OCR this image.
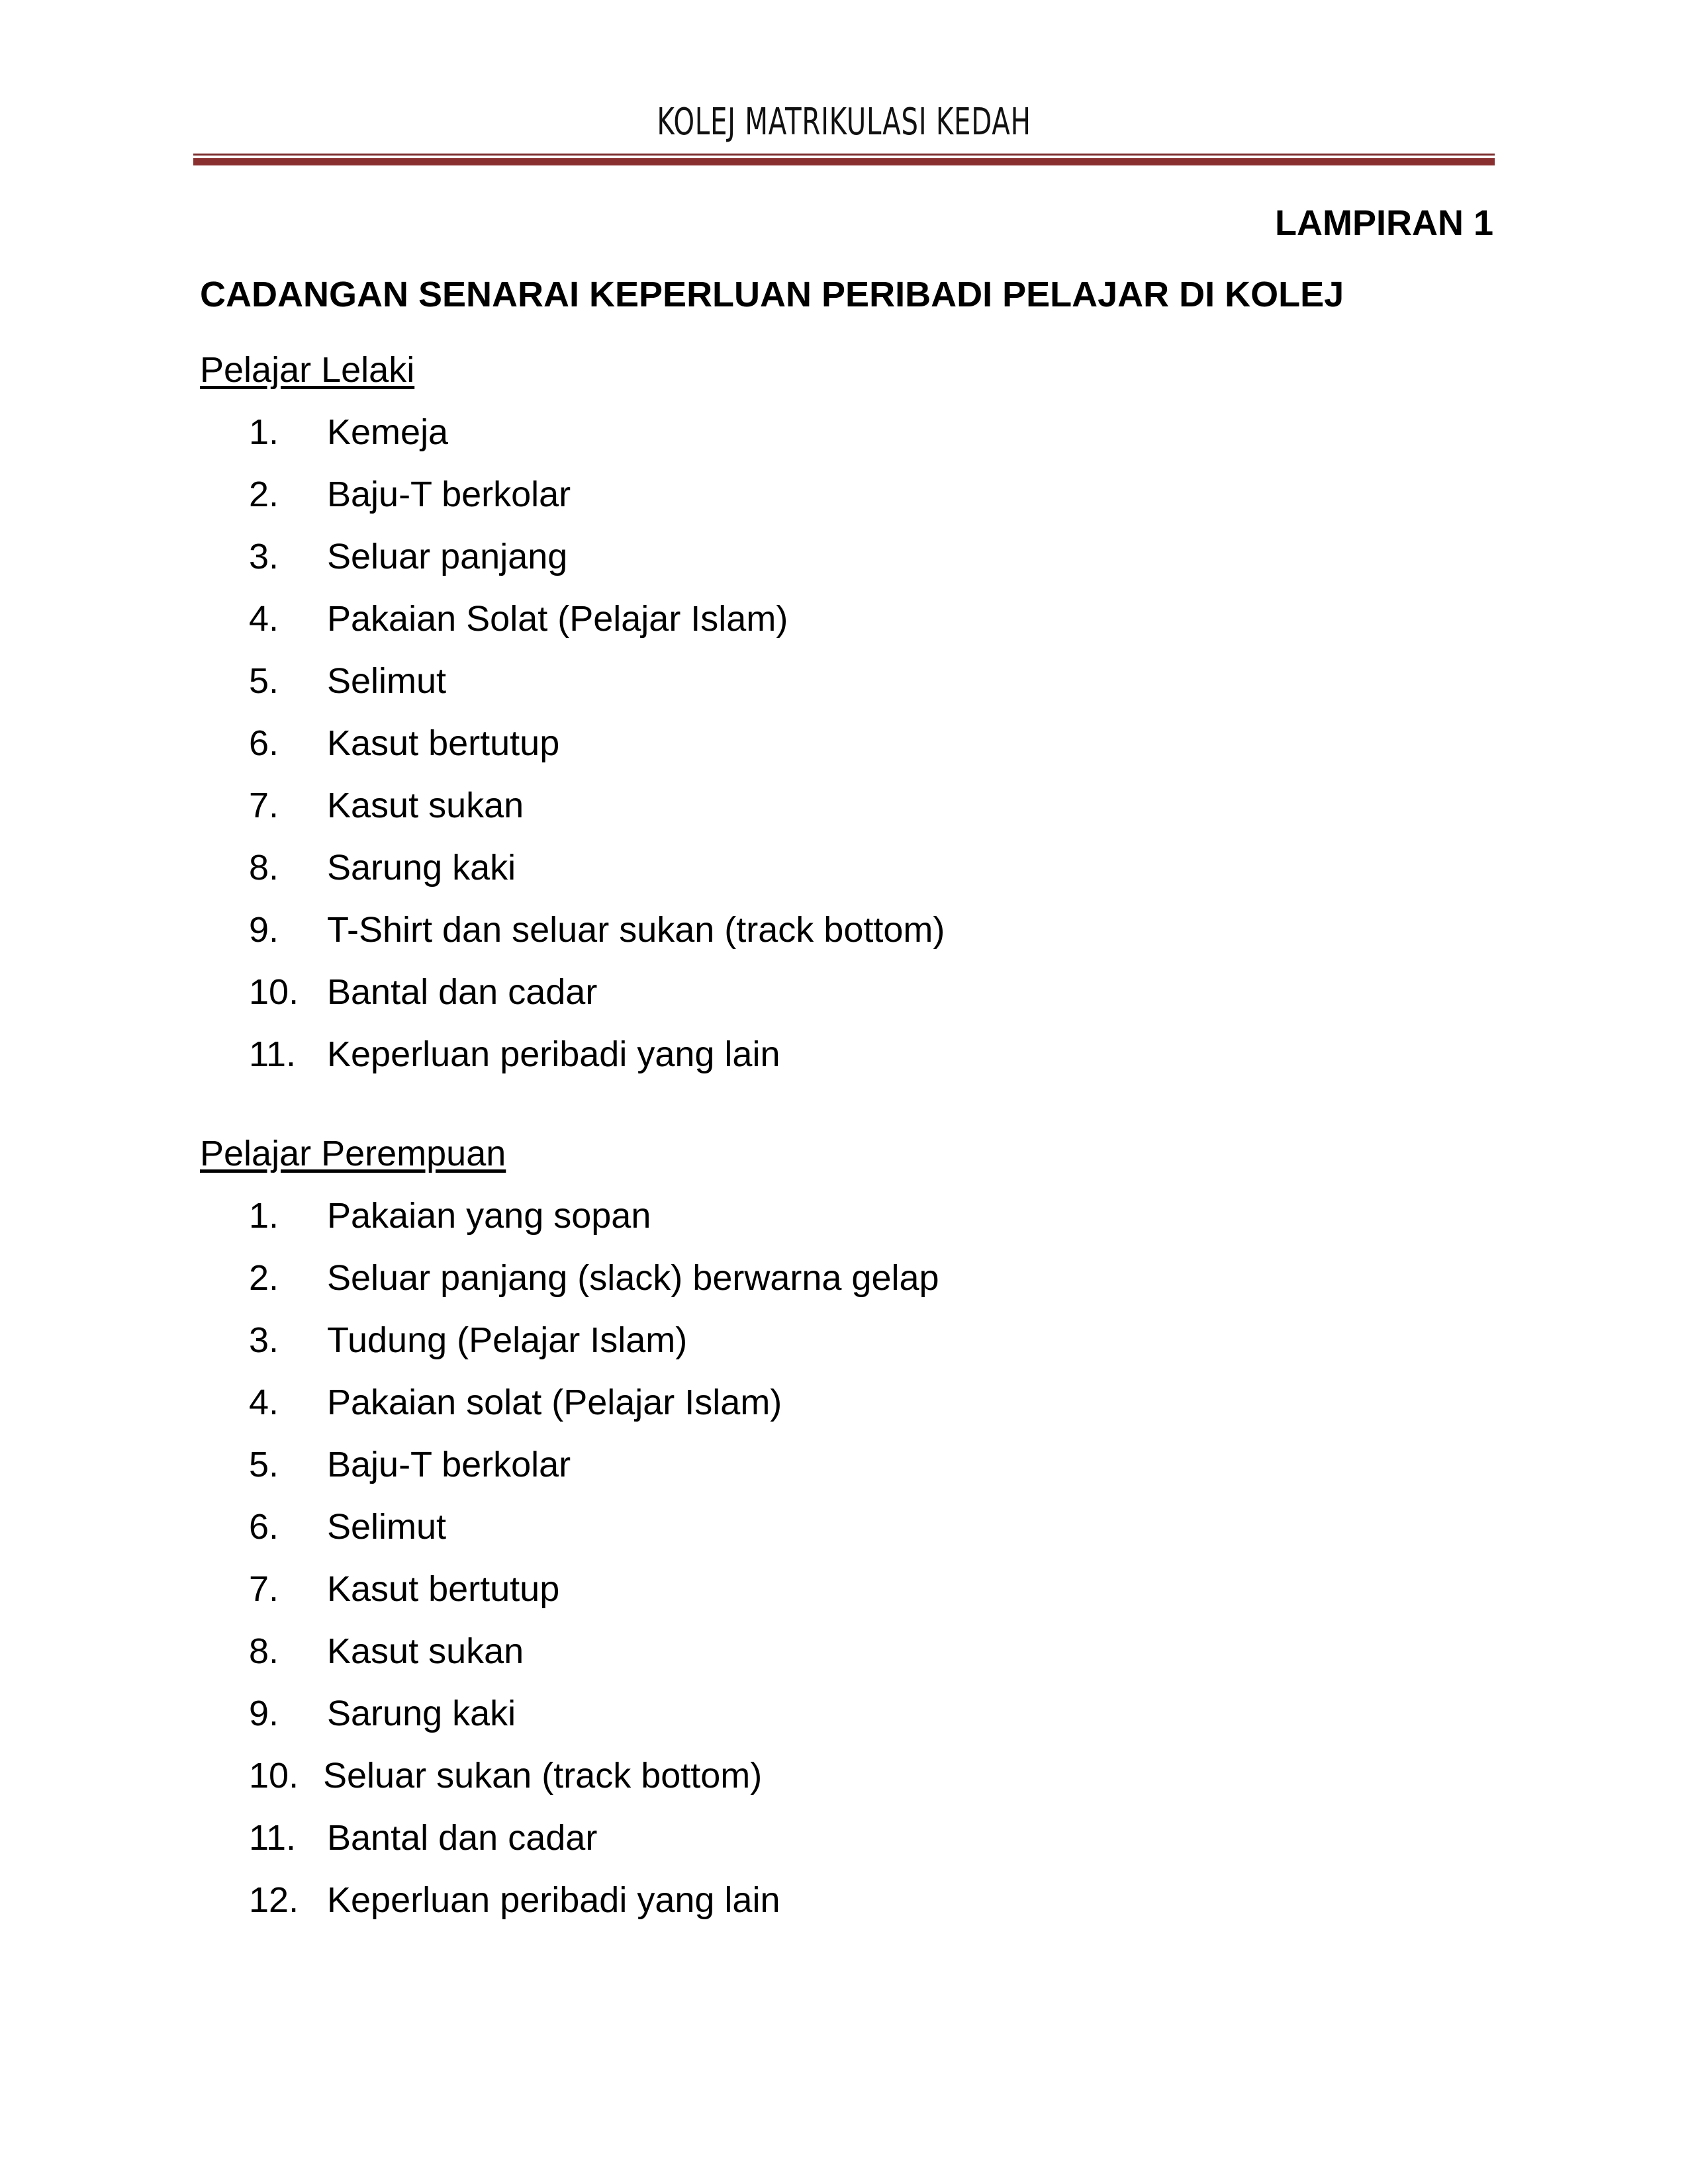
KOLEJ MATRIKULASI KEDAH
LAMPIRAN 1
CADANGAN SENARAI KEPERLUAN PERIBADI PELAJAR DI KOLEJ
Pelajar Lelaki
1. Kemeja
2. Baju-T berkolar
3. Seluar panjang
4. Pakaian Solat (Pelajar Islam)
5. Selimut
6. Kasut bertutup
7. Kasut sukan
8. Sarung kaki
9. T-Shirt dan seluar sukan (track bottom)
10. Bantal dan cadar
11. Keperluan peribadi yang lain
Pelajar Perempuan
1. Pakaian yang sopan
2. Seluar panjang (slack) berwarna gelap
3. Tudung (Pelajar Islam)
4. Pakaian solat (Pelajar Islam)
5. Baju-T berkolar
6. Selimut
7. Kasut bertutup
8. Kasut sukan
9. Sarung kaki
10. Seluar sukan (track bottom)
11. Bantal dan cadar
12. Keperluan peribadi yang lain
